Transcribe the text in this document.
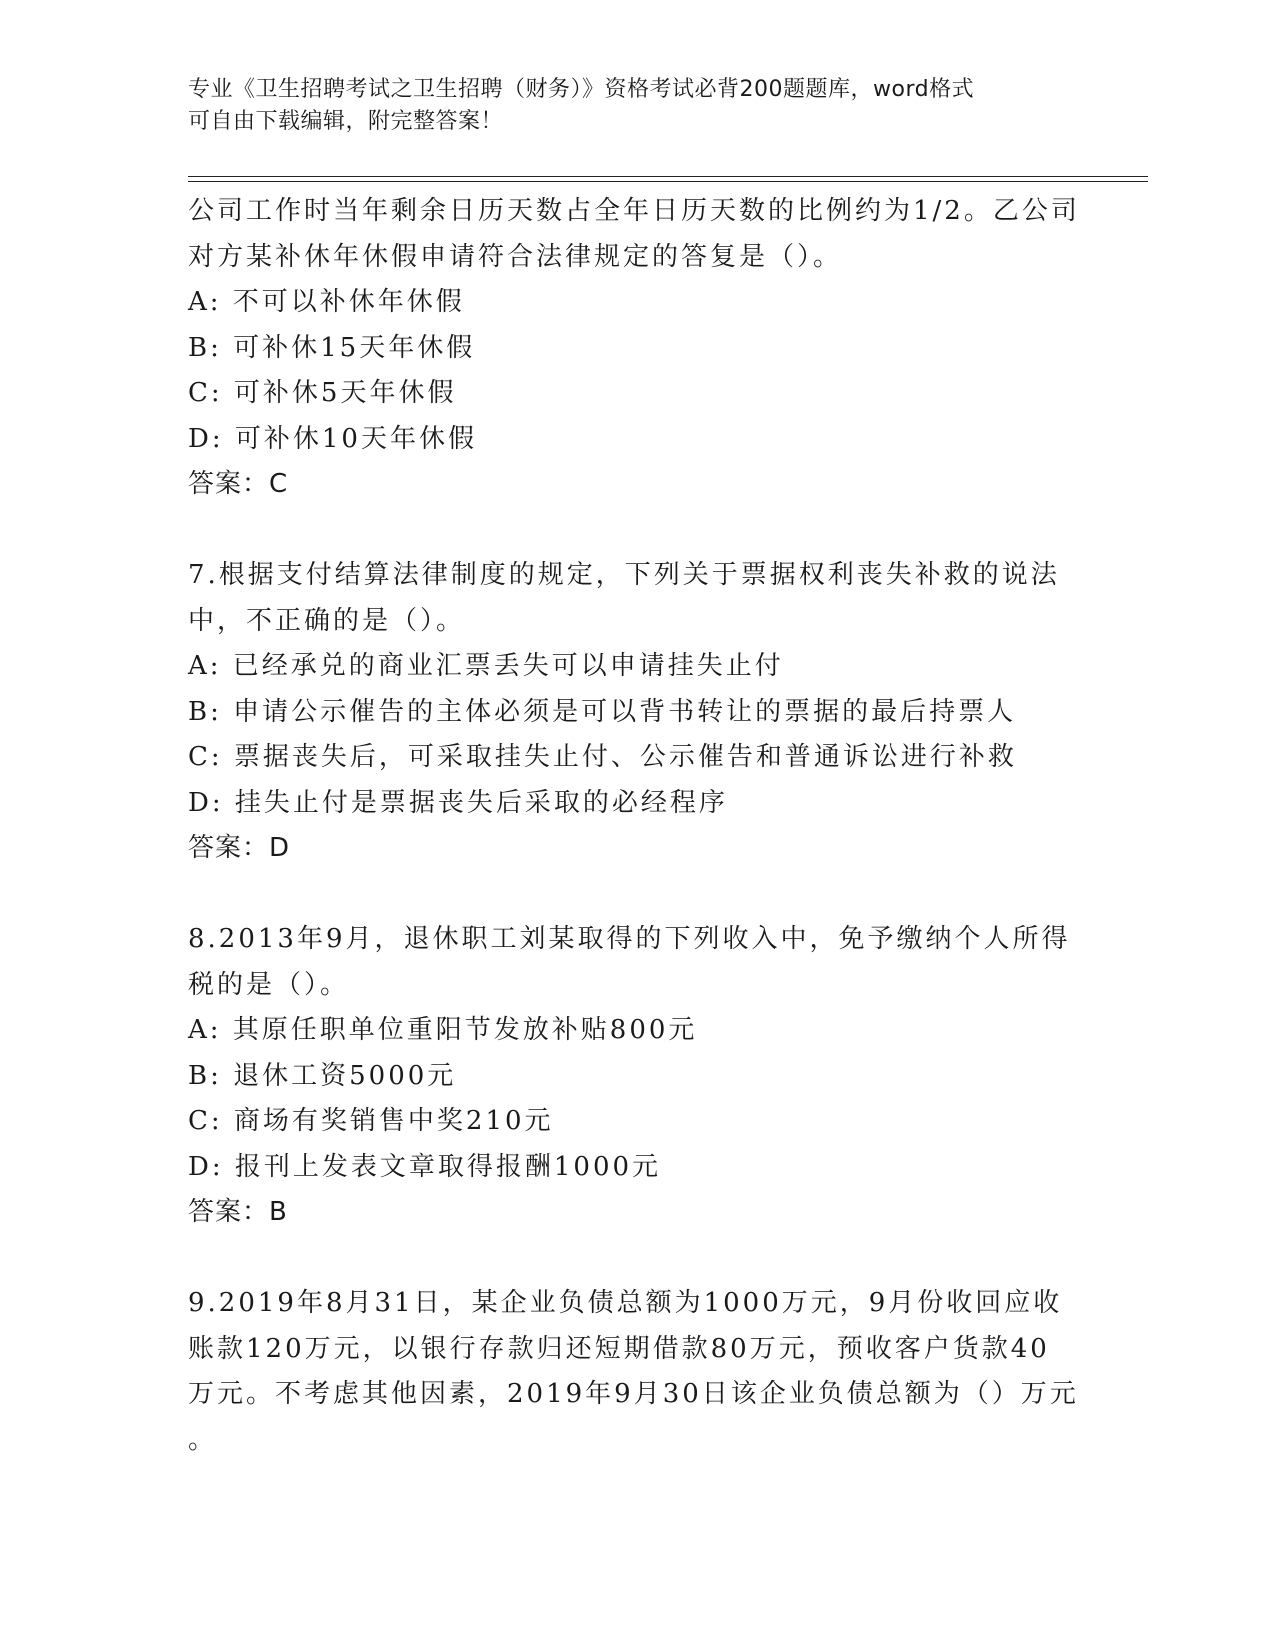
专业《卫生招聘考试之卫生招聘（财务）》资格考试必背200题题库，word格式
可自由下载编辑，附完整答案！
公司工作时当年剩余日历天数占全年日历天数的比例约为1/2。乙公司
对方某补休年休假申请符合法律规定的答复是（）。
A: 不可以补休年休假
B: 可补休15天年休假
C: 可补休5天年休假
D: 可补休10天年休假
答案：C
7.根据支付结算法律制度的规定，下列关于票据权利丧失补救的说法
中，不正确的是（）。
A: 已经承兑的商业汇票丢失可以申请挂失止付
B: 申请公示催告的主体必须是可以背书转让的票据的最后持票人
C: 票据丧失后，可采取挂失止付、公示催告和普通诉讼进行补救
D: 挂失止付是票据丧失后采取的必经程序
答案：D
8.2013年9月，退休职工刘某取得的下列收入中，免予缴纳个人所得
税的是（）。
A: 其原任职单位重阳节发放补贴800元
B: 退休工资5000元
C: 商场有奖销售中奖210元
D: 报刊上发表文章取得报酬1000元
答案：B
9.2019年8月31日，某企业负债总额为1000万元，9月份收回应收
账款120万元，以银行存款归还短期借款80万元，预收客户货款40
万元。不考虑其他因素，2019年9月30日该企业负债总额为（）万元
。
